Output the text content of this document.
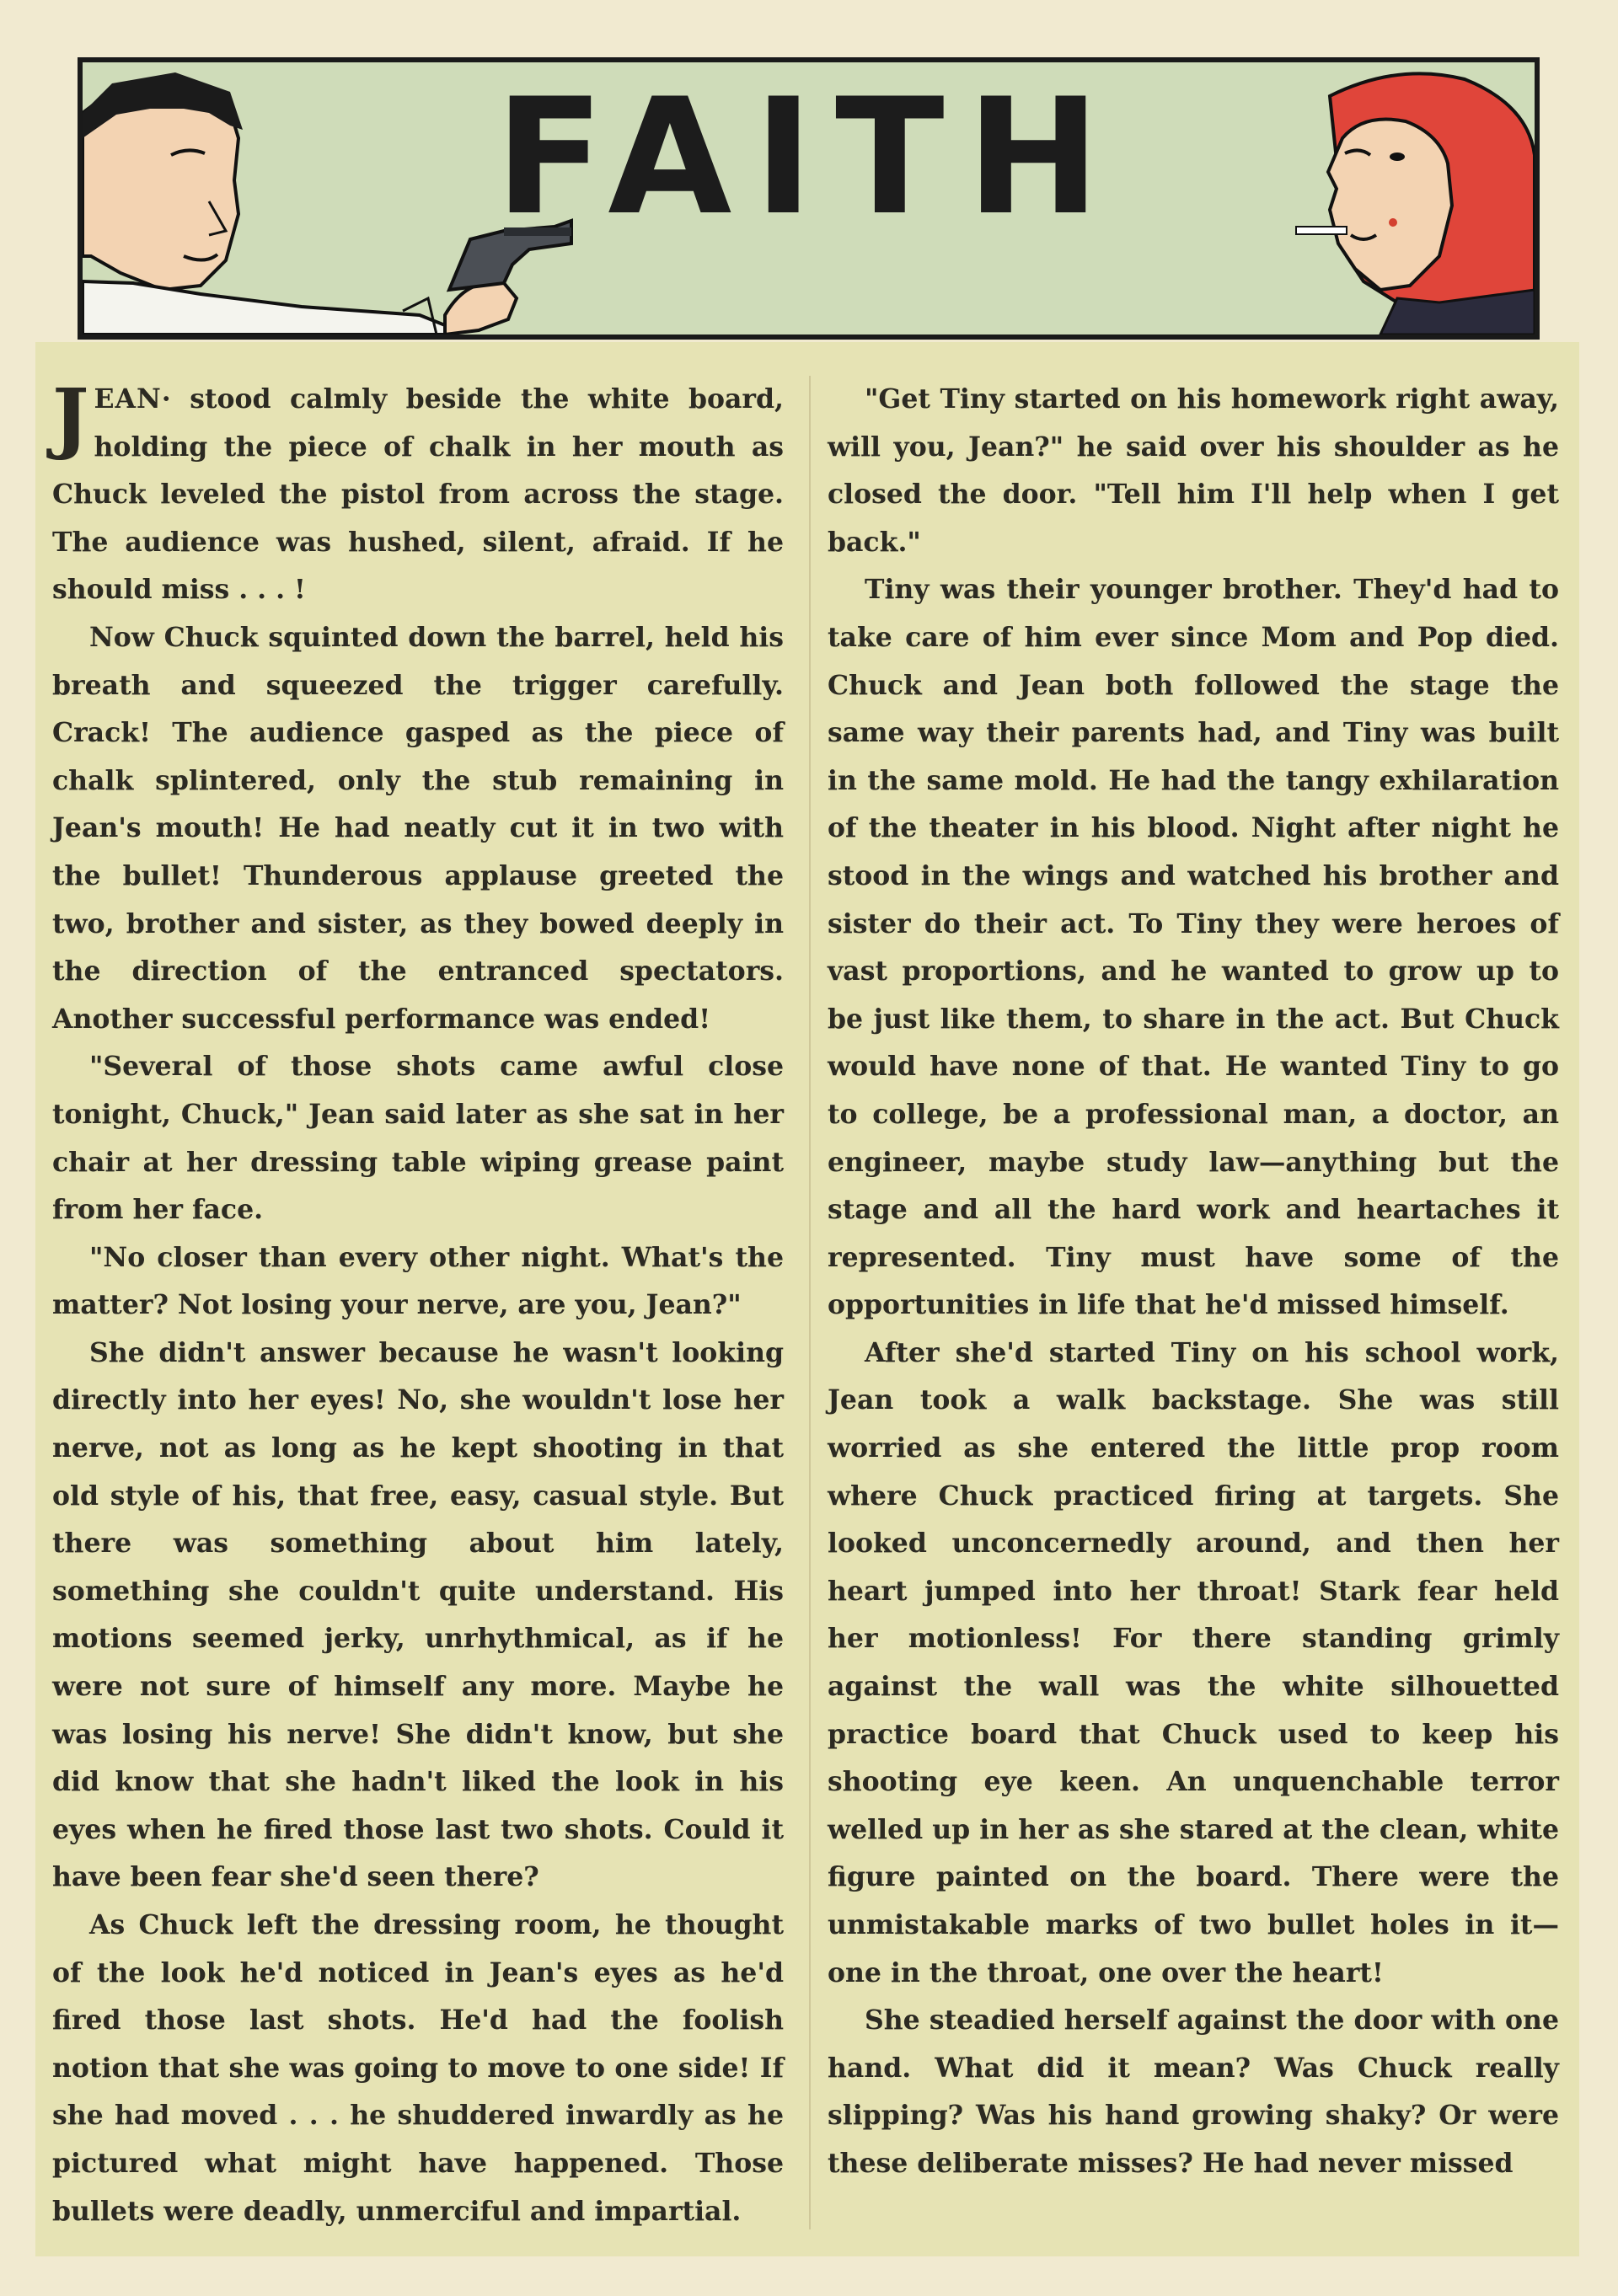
FAITH

JEAN· stood calmly beside the white board, holding the piece of chalk in her mouth as Chuck leveled the pistol from across the stage. The audience was hushed, silent, afraid. If he should miss . . . !

Now Chuck squinted down the barrel, held his breath and squeezed the trigger carefully. Crack! The audience gasped as the piece of chalk splintered, only the stub remaining in Jean's mouth! He had neatly cut it in two with the bullet! Thunderous applause greeted the two, brother and sister, as they bowed deeply in the direction of the entranced spectators. Another successful performance was ended!

"Several of those shots came awful close tonight, Chuck," Jean said later as she sat in her chair at her dressing table wiping grease paint from her face.

"No closer than every other night. What's the matter? Not losing your nerve, are you, Jean?"

She didn't answer because he wasn't looking directly into her eyes! No, she wouldn't lose her nerve, not as long as he kept shooting in that old style of his, that free, easy, casual style. But there was something about him lately, something she couldn't quite understand. His motions seemed jerky, unrhythmical, as if he were not sure of himself any more. Maybe he was losing his nerve! She didn't know, but she did know that she hadn't liked the look in his eyes when he fired those last two shots. Could it have been fear she'd seen there?

As Chuck left the dressing room, he thought of the look he'd noticed in Jean's eyes as he'd fired those last shots. He'd had the foolish notion that she was going to move to one side! If she had moved . . . he shuddered inwardly as he pictured what might have happened. Those bullets were deadly, unmerciful and impartial.

"Get Tiny started on his homework right away, will you, Jean?" he said over his shoulder as he closed the door. "Tell him I'll help when I get back."

Tiny was their younger brother. They'd had to take care of him ever since Mom and Pop died. Chuck and Jean both followed the stage the same way their parents had, and Tiny was built in the same mold. He had the tangy exhilaration of the theater in his blood. Night after night he stood in the wings and watched his brother and sister do their act. To Tiny they were heroes of vast proportions, and he wanted to grow up to be just like them, to share in the act. But Chuck would have none of that. He wanted Tiny to go to college, be a professional man, a doctor, an engineer, maybe study law—anything but the stage and all the hard work and heartaches it represented. Tiny must have some of the opportunities in life that he'd missed himself.

After she'd started Tiny on his school work, Jean took a walk backstage. She was still worried as she entered the little prop room where Chuck practiced firing at targets. She looked unconcernedly around, and then her heart jumped into her throat! Stark fear held her motionless! For there standing grimly against the wall was the white silhouetted practice board that Chuck used to keep his shooting eye keen. An unquenchable terror welled up in her as she stared at the clean, white figure painted on the board. There were the unmistakable marks of two bullet holes in it—one in the throat, one over the heart!

She steadied herself against the door with one hand. What did it mean? Was Chuck really slipping? Was his hand growing shaky? Or were these deliberate misses? He had never missed
